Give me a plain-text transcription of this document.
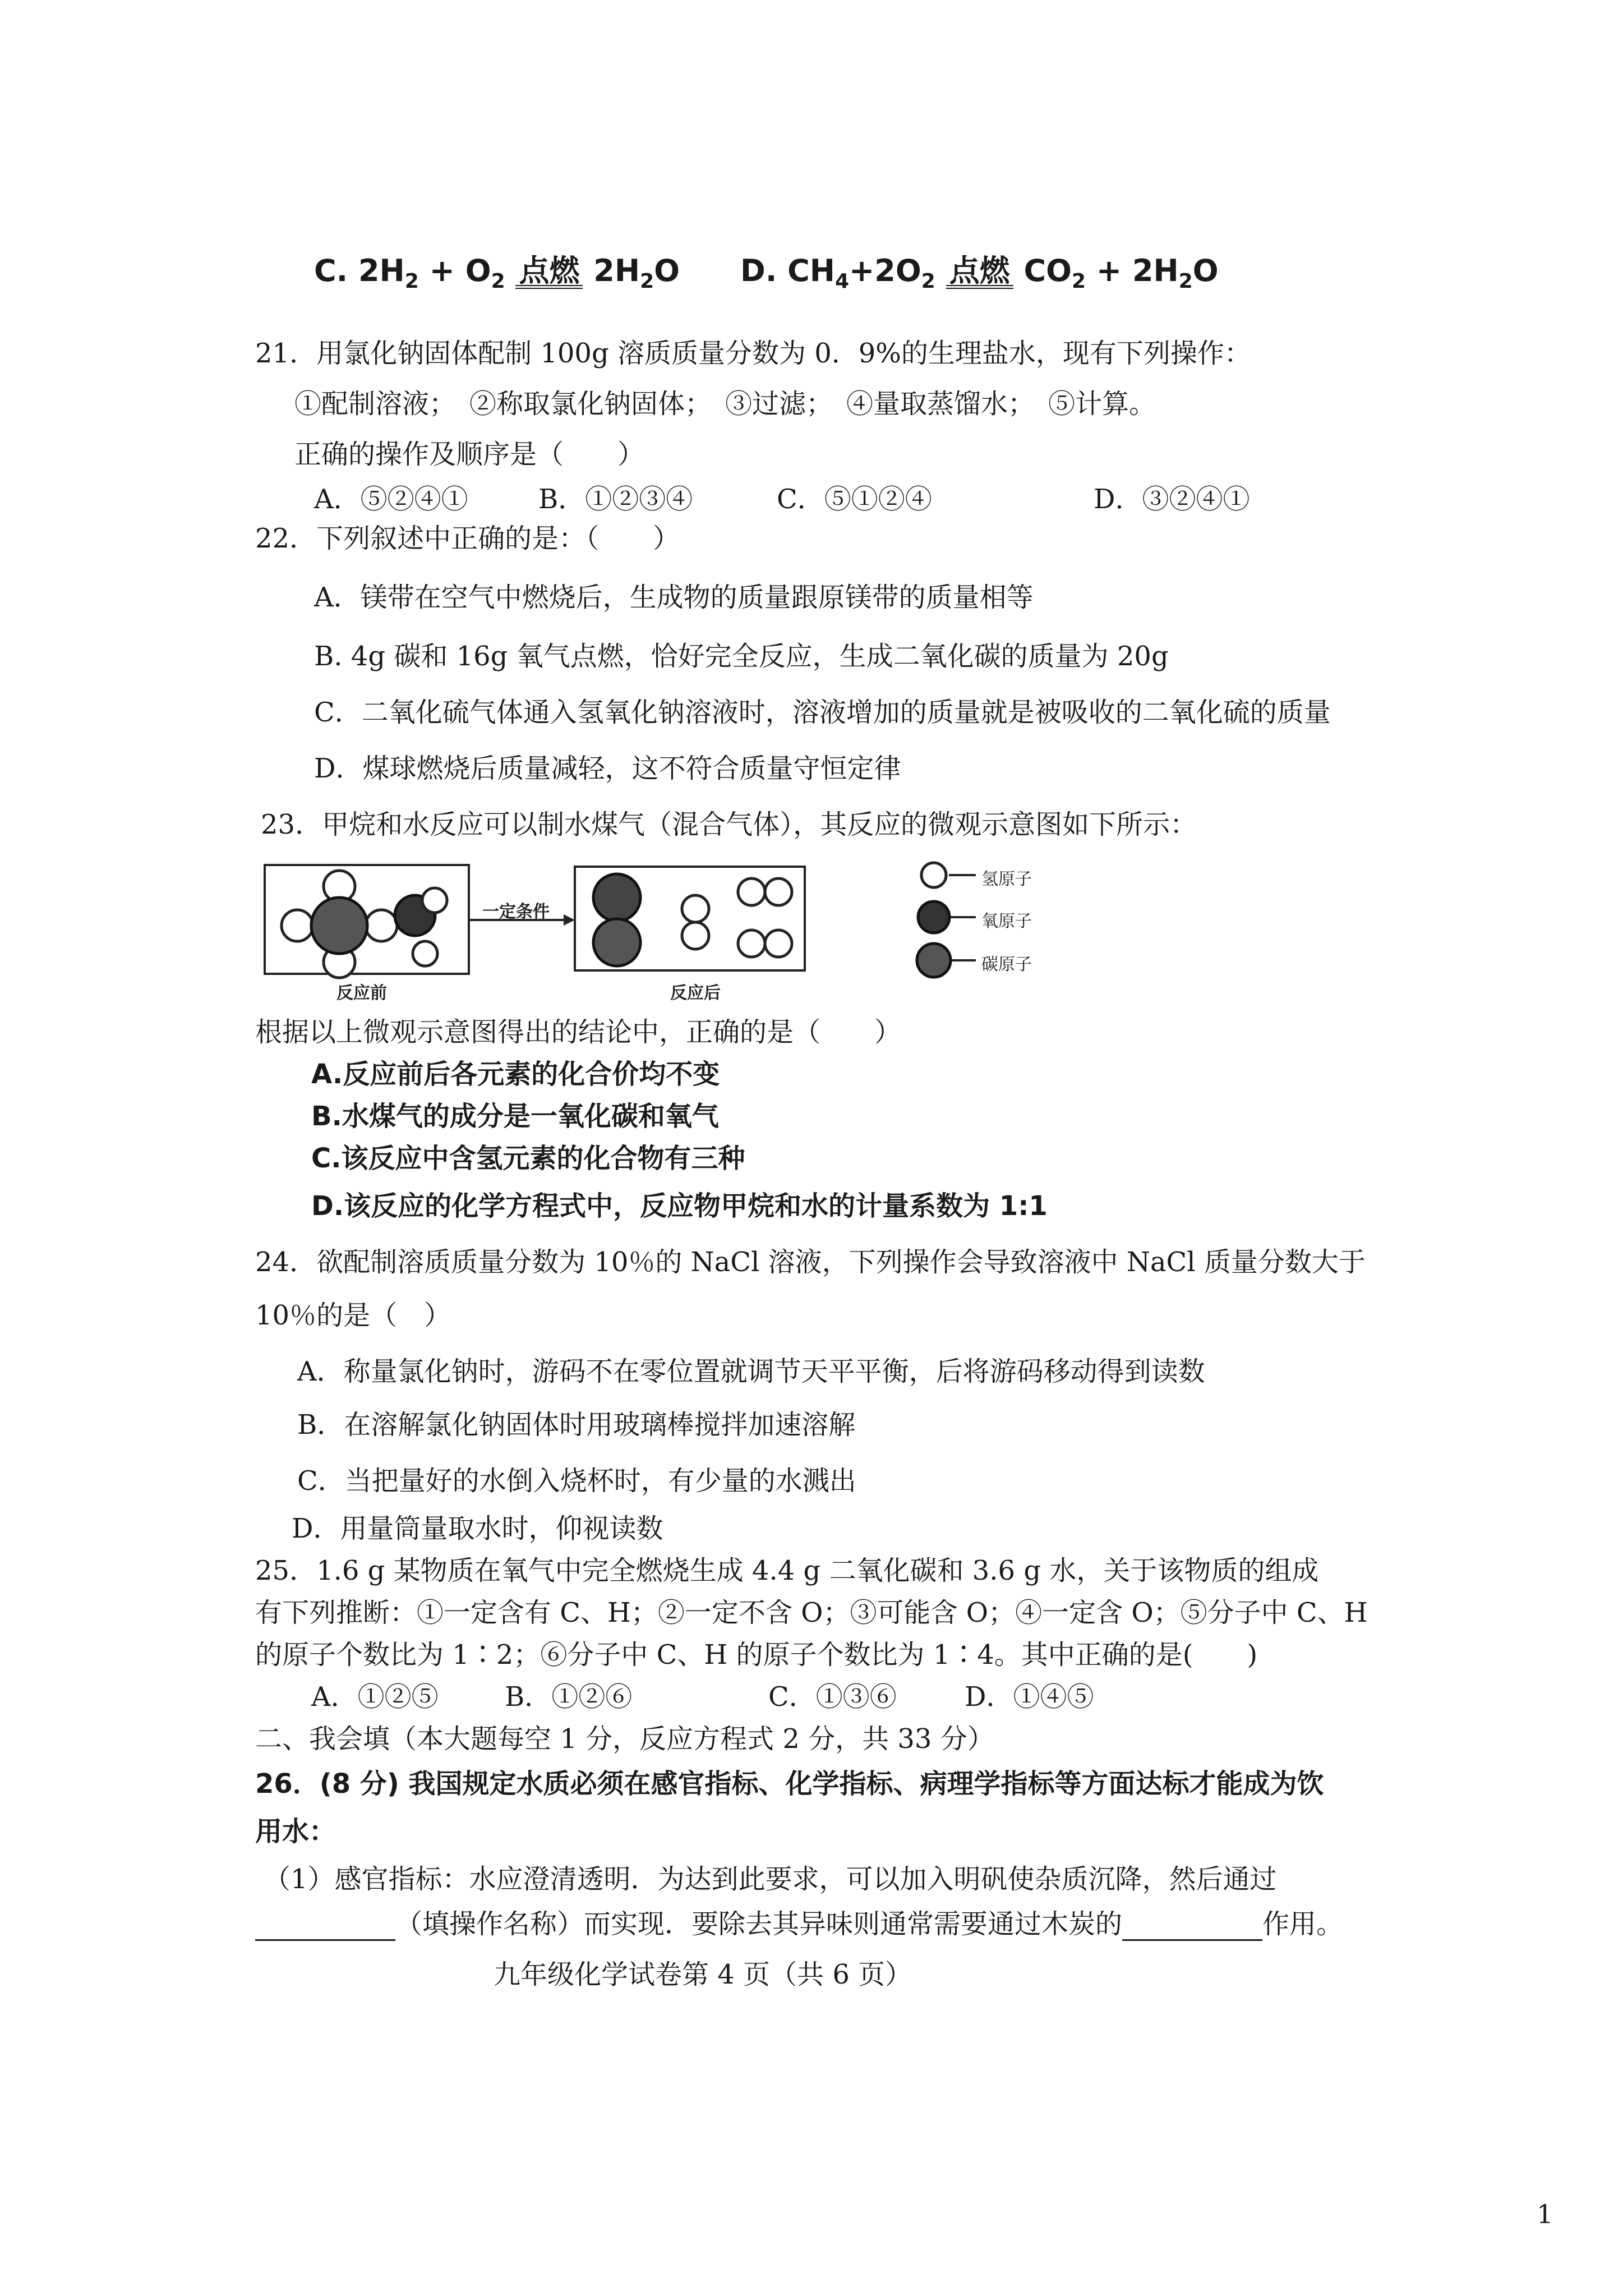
C. $2H_2 + O_2$ 点燃 $2H_2O$ D. $CH_4+2O_2$ 点燃 $CO_2 + 2H_2O$
21．用氯化钠固体配制 100g 溶质质量分数为 0．9%的生理盐水，现有下列操作：
①配制溶液；　②称取氯化钠固体；　③过滤；　④量取蒸馏水；　⑤计算。
正确的操作及顺序是（　　）
A．⑤②④①	B．①②③④	C．⑤①②④	D．③②④①
22．下列叙述中正确的是：（　　）
A．镁带在空气中燃烧后，生成物的质量跟原镁带的质量相等
B. 4g 碳和 16g 氧气点燃，恰好完全反应，生成二氧化碳的质量为 20g
C．二氧化硫气体通入氢氧化钠溶液时，溶液增加的质量就是被吸收的二氧化硫的质量
D．煤球燃烧后质量减轻，这不符合质量守恒定律
23．甲烷和水反应可以制水煤气（混合气体），其反应的微观示意图如下所示：
一定条件
反应前	反应后
氢原子
氧原子
碳原子
根据以上微观示意图得出的结论中，正确的是（　　）
A.反应前后各元素的化合价均不变
B.水煤气的成分是一氧化碳和氧气
C.该反应中含氢元素的化合物有三种
D.该反应的化学方程式中，反应物甲烷和水的计量系数为 1:1
24．欲配制溶质质量分数为 10％的 NaCl 溶液，下列操作会导致溶液中 NaCl 质量分数大于
10％的是（　）
A．称量氯化钠时，游码不在零位置就调节天平平衡，后将游码移动得到读数
B．在溶解氯化钠固体时用玻璃棒搅拌加速溶解
C．当把量好的水倒入烧杯时，有少量的水溅出
D．用量筒量取水时，仰视读数
25．1.6 g 某物质在氧气中完全燃烧生成 4.4 g 二氧化碳和 3.6 g 水，关于该物质的组成
有下列推断：①一定含有 C、H；②一定不含 O；③可能含 O；④一定含 O；⑤分子中 C、H
的原子个数比为 1∶2；⑥分子中 C、H 的原子个数比为 1∶4。其中正确的是(　　)
A．①②⑤ B．①②⑥	C．①③⑥	D．①④⑤
二、我会填（本大题每空 1 分，反应方程式 2 分，共 33 分）
26．(8 分) 我国规定水质必须在感官指标、化学指标、病理学指标等方面达标才能成为饮
用水：
（1）感官指标：水应澄清透明．为达到此要求，可以加入明矾使杂质沉降，然后通过
（填操作名称）而实现．要除去其异味则通常需要通过木炭的	作用。
九年级化学试卷第 4 页（共 6 页）
1
